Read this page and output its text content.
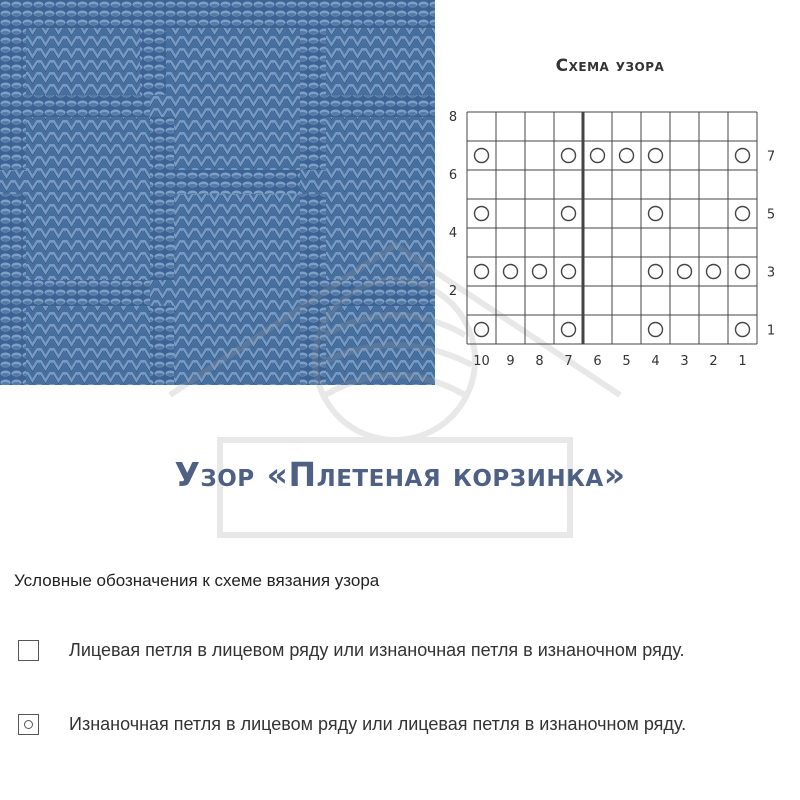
Схема узора
10 9 8 7 6 5 4 3 2 1
8
7
6
5
4
3
2
1
Узор «Плетеная корзинка»
Условные обозначения к схеме вязания узора
Лицевая петля в лицевом ряду или изнаночная петля в изнаночном ряду.
Изнаночная петля в лицевом ряду или лицевая петля в изнаночном ряду.
